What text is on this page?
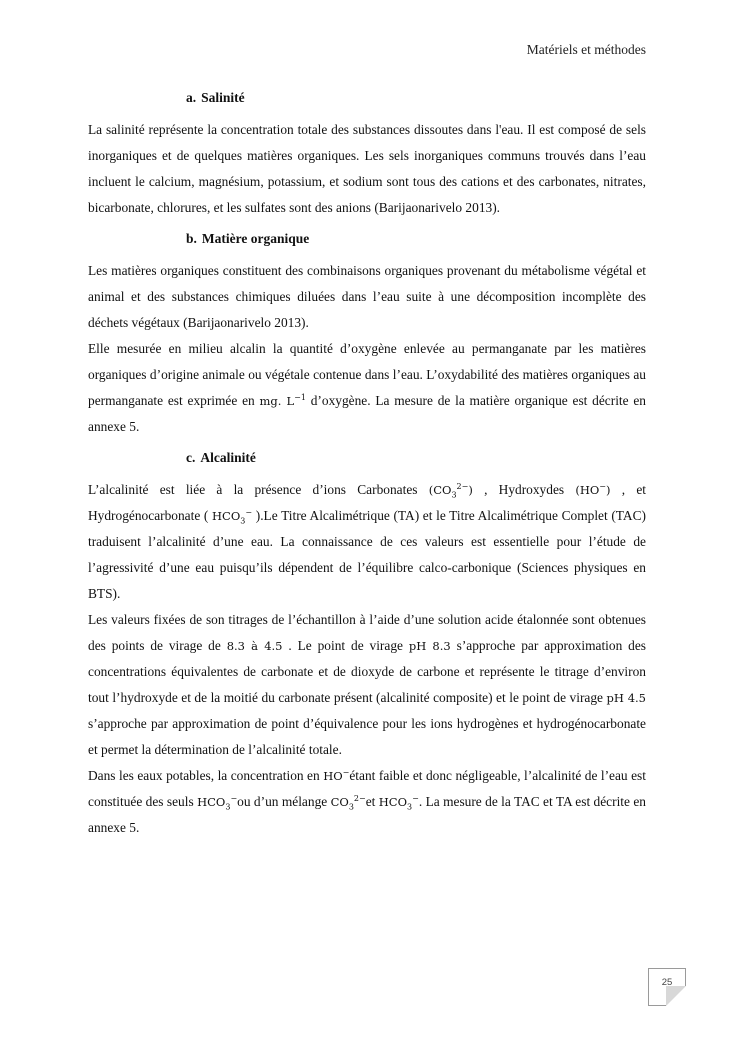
Matériels et méthodes
a. Salinité

La salinité représente la concentration totale des substances dissoutes dans l'eau. Il est composé de sels inorganiques et de quelques matières organiques. Les sels inorganiques communs trouvés dans l’eau incluent le calcium, magnésium, potassium, et sodium sont tous des cations et des carbonates, nitrates, bicarbonate, chlorures, et les sulfates sont des anions (Barijaonarivelo 2013).

b. Matière organique

Les matières organiques constituent des combinaisons organiques provenant du métabolisme végétal et animal et des substances chimiques diluées dans l’eau suite à une décomposition incomplète des déchets végétaux (Barijaonarivelo 2013).

Elle mesurée en milieu alcalin la quantité d’oxygène enlevée au permanganate par les matières organiques d’origine animale ou végétale contenue dans l’eau. L’oxydabilité des matières organiques au permanganate est exprimée en mg. $L^{-1}$ d’oxygène. La mesure de la matière organique est décrite en annexe 5.

c. Alcalinité

L’alcalinité est liée à la présence d’ions Carbonates $(CO_3^{2-})$ , Hydroxydes (HO−) , et Hydrogénocarbonate ( $HCO_3^-$ ).Le Titre Alcalimétrique (TA) et le Titre Alcalimétrique Complet (TAC) traduisent l’alcalinité d’une eau. La connaissance de ces valeurs est essentielle pour l’étude de l’agressivité d’une eau puisqu’ils dépendent de l’équilibre calco-carbonique (Sciences physiques en BTS).

Les valeurs fixées de son titrages de l’échantillon à l’aide d’une solution acide étalonnée sont obtenues des points de virage de 8.3 à 4.5 . Le point de virage pH 8.3 s’approche par approximation des concentrations équivalentes de carbonate et de dioxyde de carbone et représente le titrage d’environ tout l’hydroxyde et de la moitié du carbonate présent (alcalinité composite) et le point de virage pH 4.5 s’approche par approximation de point d’équivalence pour les ions hydrogènes et hydrogénocarbonate et permet la détermination de l’alcalinité totale.

Dans les eaux potables, la concentration en HO−étant faible et donc négligeable, l’alcalinité de l’eau est constituée des seuls $HCO_3^-ou$ d’un mélange $CO_3^{2-}et$ $HCO_3^-$. La mesure de la TAC et TA est décrite en annexe 5.

25
